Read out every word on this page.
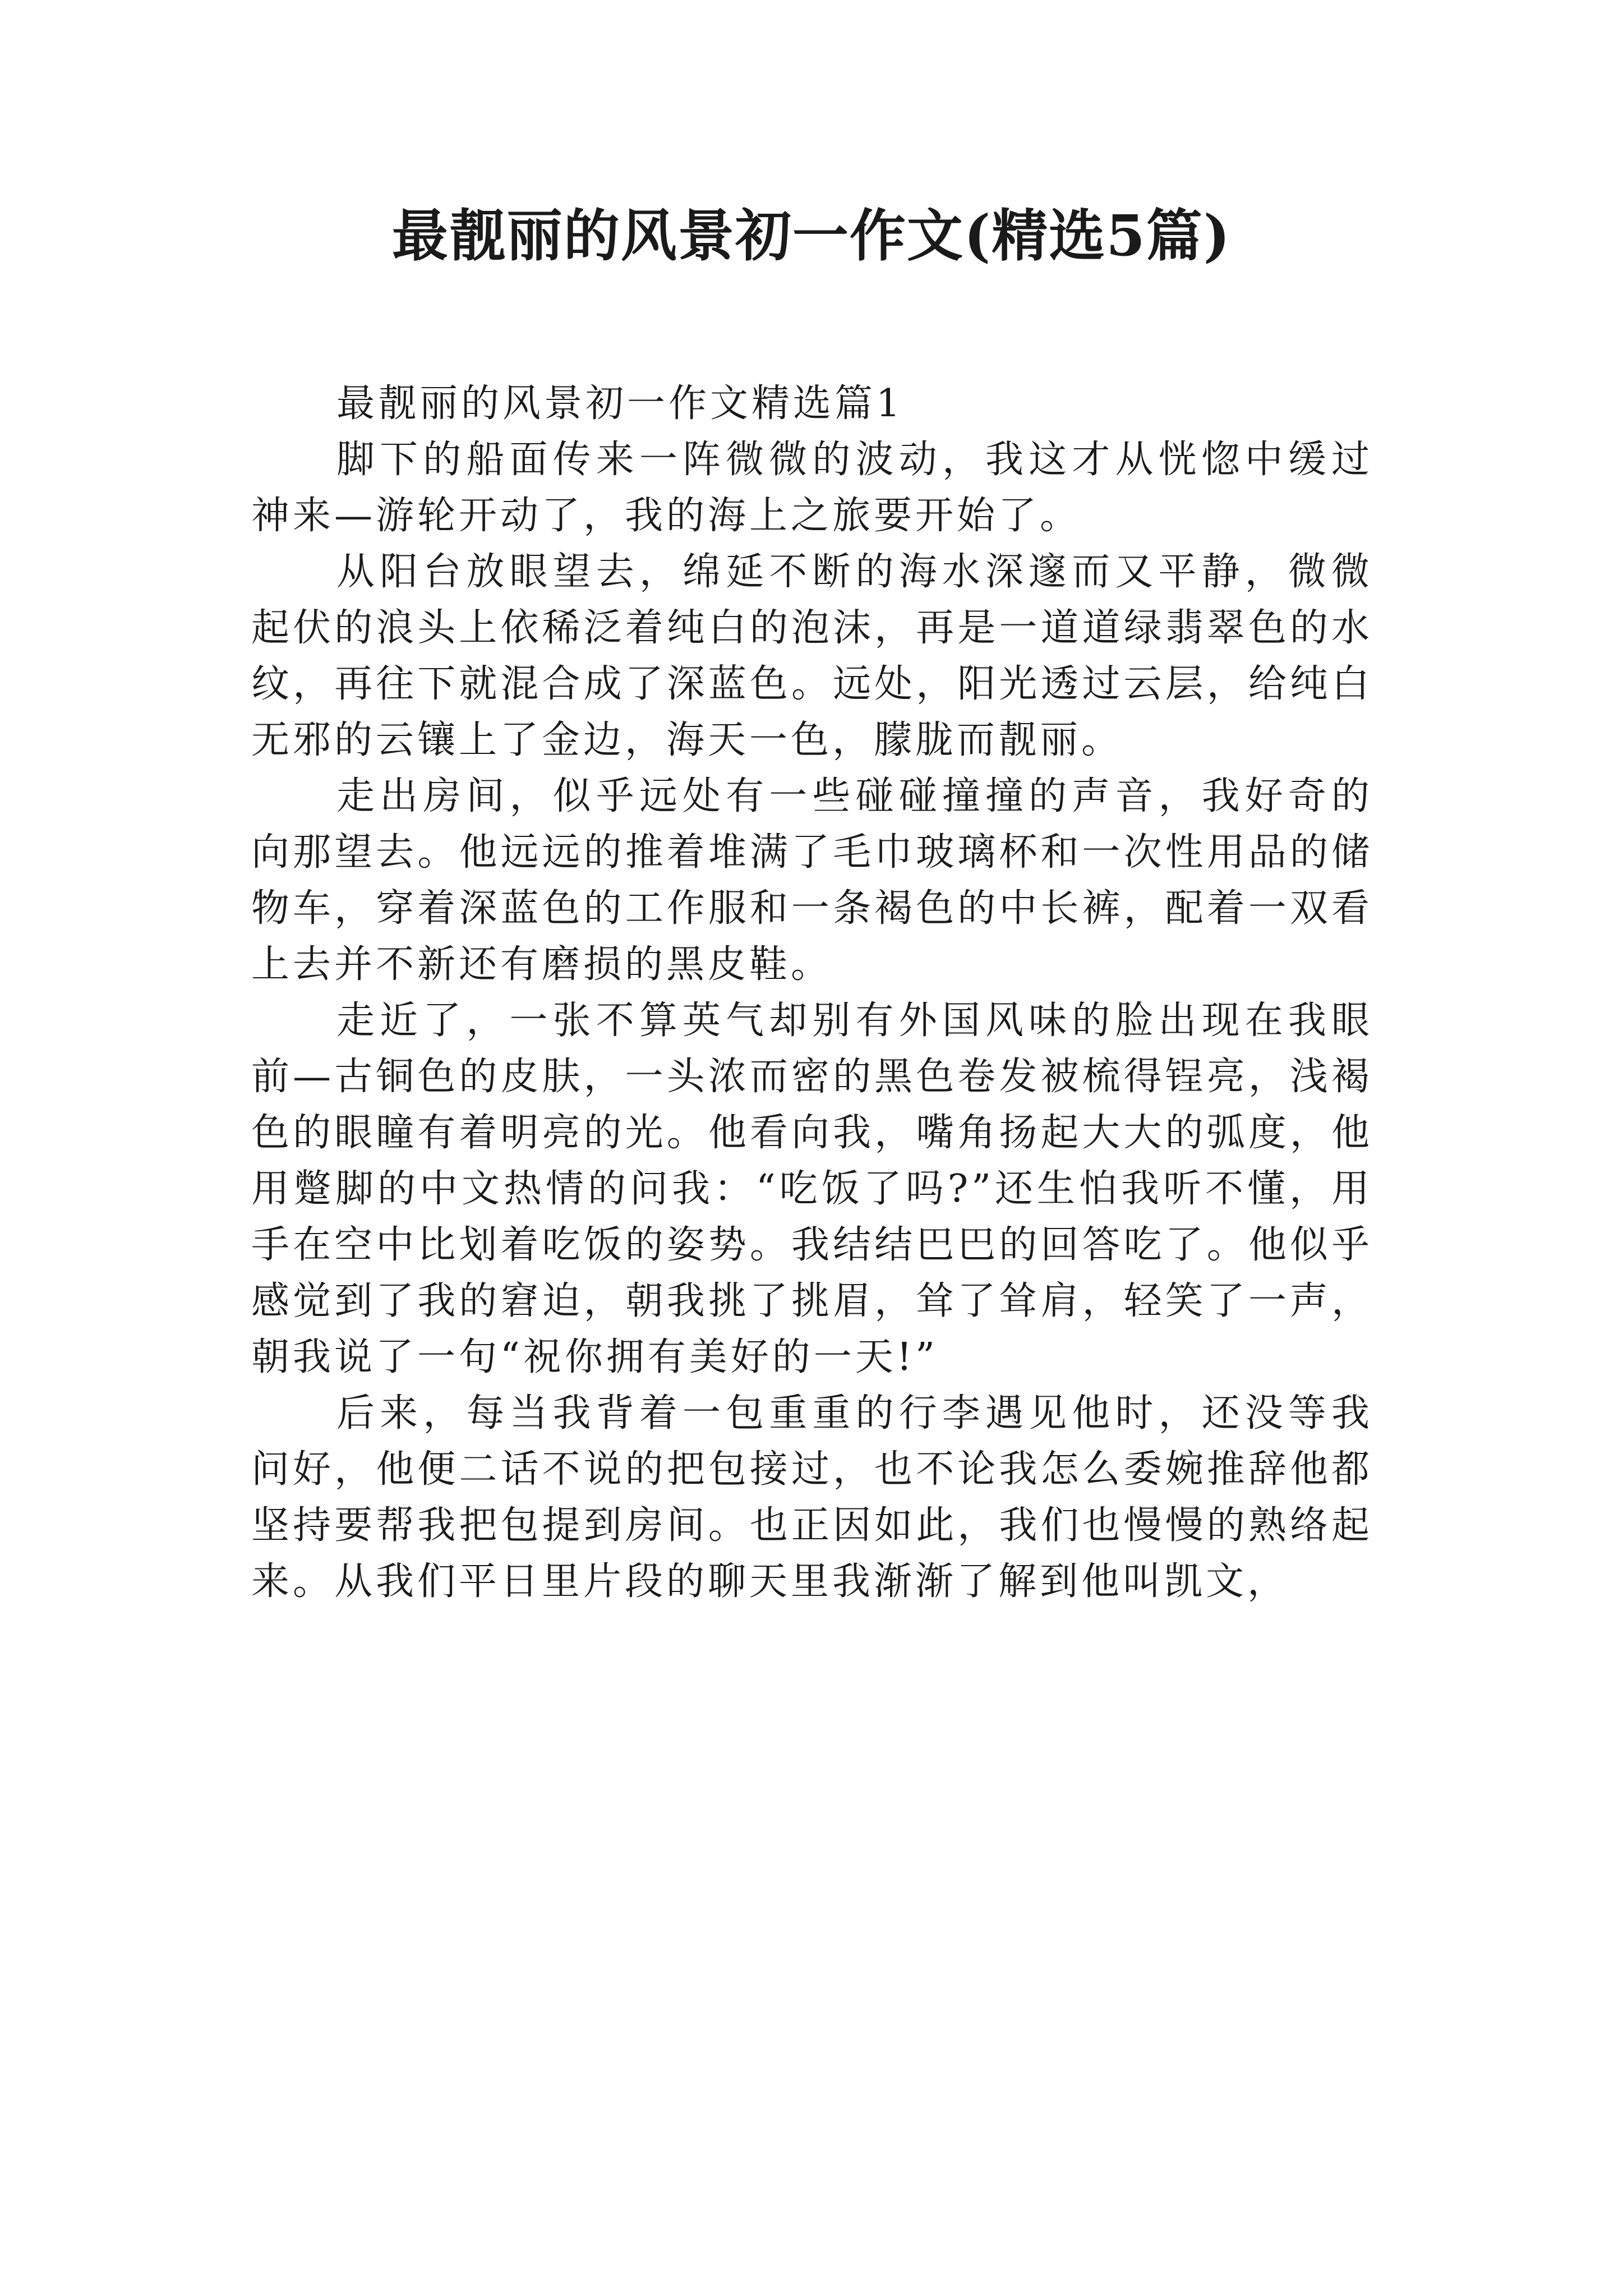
最靓丽的风景初一作文(精选5篇)

最靓丽的风景初一作文精选篇1

脚下的船面传来一阵微微的波动，我这才从恍惚中缓过神来—游轮开动了，我的海上之旅要开始了。

从阳台放眼望去，绵延不断的海水深邃而又平静，微微起伏的浪头上依稀泛着纯白的泡沫，再是一道道绿翡翠色的水纹，再往下就混合成了深蓝色。远处，阳光透过云层，给纯白无邪的云镶上了金边，海天一色，朦胧而靓丽。

走出房间，似乎远处有一些碰碰撞撞的声音，我好奇的向那望去。他远远的推着堆满了毛巾玻璃杯和一次性用品的储物车，穿着深蓝色的工作服和一条褐色的中长裤，配着一双看上去并不新还有磨损的黑皮鞋。

走近了，一张不算英气却别有外国风味的脸出现在我眼前—古铜色的皮肤，一头浓而密的黑色卷发被梳得锃亮，浅褐色的眼瞳有着明亮的光。他看向我，嘴角扬起大大的弧度，他用蹩脚的中文热情的问我：“吃饭了吗?”还生怕我听不懂，用手在空中比划着吃饭的姿势。我结结巴巴的回答吃了。他似乎感觉到了我的窘迫，朝我挑了挑眉，耸了耸肩，轻笑了一声，朝我说了一句“祝你拥有美好的一天!”

后来，每当我背着一包重重的行李遇见他时，还没等我问好，他便二话不说的把包接过，也不论我怎么委婉推辞他都坚持要帮我把包提到房间。也正因如此，我们也慢慢的熟络起来。从我们平日里片段的聊天里我渐渐了解到他叫凯文，
